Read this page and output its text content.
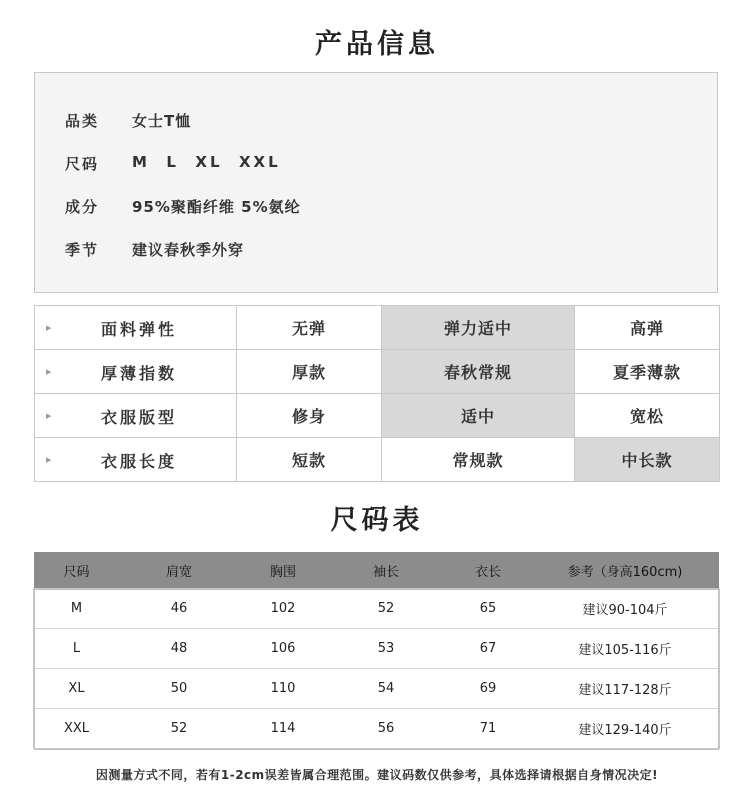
产品信息
品类	女士T恤
尺码	M  L  XL  XXL
成分	95%聚酯纤维 5%氨纶
季节	建议春秋季外穿
▶ 面料弹性	无弹	弹力适中	高弹

▶ 厚薄指数	厚款	春秋常规	夏季薄款

▶ 衣服版型	修身	适中	宽松

▶ 衣服长度	短款	常规款	中长款
尺码表
尺码	肩宽	胸围	袖长	衣长	参考（身高160cm)
M	46	102	52	65	建议90-104斤
L	48	106	53	67	建议105-116斤
XL	50	110	54	69	建议117-128斤
XXL	52	114	56	71	建议129-140斤
因测量方式不同，若有1-2cm误差皆属合理范围。建议码数仅供参考，具体选择请根据自身情况决定!
